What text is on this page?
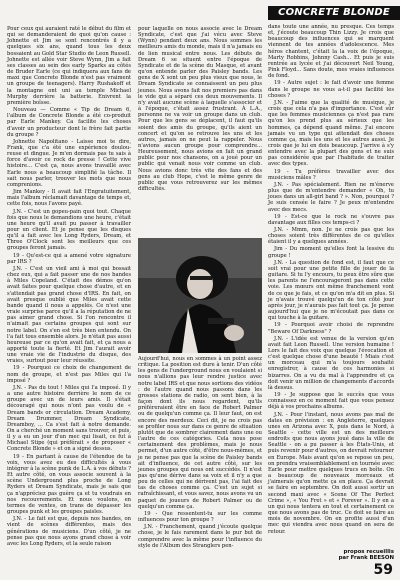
CONCRETE BLONDE

Pour ceux qui auraient raté le début du film et qui se demanderaient de quoi qu'on cause : Johnette et Jim se sont rencontrés il y a quelques six ans, quand tous les deux bossaient au Gold Star Studio de Leon Russell. Johnette est allée voir Steve Wynn, Jim a fait ses classes au sein des early Sparks au côtés de Bruder Earle (ce qui indiquera aux fans de maxi que Concrete Blonde n'est pas vraiment un groupe de teenagers). Harry Rushakoff et la montagne ont uni au temple Michael Murphy derrière la batterie. Enivrent la première boîsse.

Nouveau — Comme « Tip de Dream 6, l'album de Concrete Blonde a été co-produit par Earle Mankey. Ca facilite les choses d'avoir un producteur dont le frère fait partie du groupe ?

Johnette Napolitano - Laisse moi te dire, Frank, que c'a été une expérience doulou-reuse et dingue. Je m'en dormais pas tu sais à force d'avoir ce rock de presse ! Cette vive histoire... C'est ça, nous avons travaillé avec Earle nous a beaucoup simplifié la tâche. Il sait nous parler, trouver les mots que nous comprenions.

Jim Mankey - Il avait fait l'Engratuitement, mais l'album réclamait davantage de temps et, cette fois, nous l'avons payé.

J.N. - C'est un gopeu-pain quoi tout. Chaque fois que nous le demandions une heure, c'était une heure qu'il avait pu passer à travailler pour un client. Et je pense que les disques qu'il a fait avec les Long Ryders, Dream, et Three O'Clock sont les meilleurs que ces groupes feront jamais.

19 - Qu'est-ce qui a amené votre signature par IRS ?

J.N. - C'est un vieil ami à moi qui bossait chez eux, qui a fait passer une de nos bandes à Miles Copeland. C'était des démos qu'on avait faites pour quelque chose d'autre, et en s'attendait pas grand chose d'IRS. En fait, on avait presque oublié que Miles avait cette bande quand il nous a appelés. Ce n'est une vraie surprise parce qu'il a la réputation de ne pas aimer grand chose. Si l'on rencontre il n'aimait pas certains groupes qui sont sur notre label. On s'en est très bien entendu. On l'a fait tous ensemble alors. Je n'était pas aussi heureuse par ce qu'on avait fait, et ça nous a apporté toute la fierté. Et Jim l'aurait avoir une vraie vie de l'industrie du disque, des vraies, surtout pour leur réussite.

19 - Pourquoi ce choix de changement de nom de groupe, et n'est pas Miles qui l'a imposé ?

J.N. - Pas du tout ! Miles qui l'a imposé. Il y a une autre histoire derrière le nom de ce groupe avec un de leurs amis. Il s'était découragé qui nous n'ont pas voulu de « Dream bands or circulation. Dream Academy, Dream Drummer, Dream Syndicate, Dreamboy, ... Ca s'est fait à notre demande. On a cherché un moment sans trouver, et puis, il y a eu un jour d'un mec qui lisait, ce fut à Michael Stipe (qui préférait » de proposer « Concrete Blonde » et on a signé dessus.

19 - En partant à cause de l'étendue de ta voix, vous avez eu des difficultés à vous intégrer à la scène punk de L.A. à vos débuts ? Et autre côté, on vous associe souvent à la scène Underground plus proche de Long Ryders et Dream Syndicate, mais je sais que ça n'appréciez pas guère ça et tu voudrais en nos recouvrements. Et nous voulons, en termes de ventes, on trans de dépasser les groupes punk et les groupes paisles.

J.N. - Le fait est que, depuis nos bandes, on vient de scènes différentes, mais des générations de musiciens. D'un côté, je ne pense pas que nous ayons grand chose à voir avec les Long Ryders, et la seule raison

pour laquelle on nous associe avec le Dream Syndicate, c'est que j'ai vécu avec Steve (Wynn) pendant deux ans. Nous sommes les meilleurs amis du monde, mais il n'a jamais eu de lien musical entre nous. Les débuts de Dream 6 se situent entre l'époque de Syndicate et de la scène du Masque, et avant qu'on entende parler des Paisley bands. Les gens de X sont un peu plus vieux que nous, le Dream Syndicate se connaissent un peu plus jeunes. Nous avons fait nos premiers pas dans le vide qui a séparé ces deux mouvements. Il n'y avait aucune scène à laquelle s'associer et à l'époque, c'était assez frustrant. À L.A., personne ne va voir un groupe dans un club. Pour que les gens se déplacent, il faut qu'ils soient des amis du groupe, qu'ils aient un concert et qu'on se retrouve les uns et les autres, jamais on ne peut la rappeler. Nous n'avions aucun groupe pour comprendre... Heureusement, nous avions en fait un grand public pour nos chansons, on a joué pour un public qui venait nous voir comme un club. Nous avions donc très vite des fans et des gens au club Hope, c'est le même genre de public que vous retrouverez sur les mêmes difficultés.

Aujourd'hui, nous en sommes à un point assez critique. La position est dure à tenir. D'un côté les gens de l'underground nous en voulaient si nous n'allions pas leur rendre justice avec notre label IRS et que nous sortions des vidéos : de l'autre quand nous passons dans les grosses stations de radio, on sent bien, à la façon dont ils nous regardent, qu'ils préféreraient être en face de Robert Palmer ou de quelqu'un comme ça. Il leur faut, on est encore des merdeux. Ceci dit, je ne crois pas se profiler nous sur dans ce genre de situation plutôt que de sombrer clairement dans une ou l'autre de ces catégories. Cela nous pose certainement des problèmes, mais je nous permet, d'un autre côté, d'être nous-mêmes, et je ne pense pas que la scène de Paisley bands ait d'influence, de cet autre côté, sur les jeunes groupes qui nous ont succédés. Il n'est pas qu'une dérive dans sa voix et il n'y a que peu de celles qui ne dérivent pas, l'ai fait des tas de choses comme ça. C'est un sujet si rafraîchissant, et vous savez, nous avons vu un paquet de joueurs de Robert Palmer ou de quelqu'un comme ça.

19 - Que ressentent-tu sur les comme influences pour ton groupe ?

J.N. - Franchement, quand j'écoute quelque chose, je le fais rarement dans le pur but de comprendre avec la même pour l'influence du style de l'Album des Stranglers pen-

dans toute une année, nu presque. Ces temps et, j'écoute beaucoup Thin Lizzy. Je crois que beaucoup des influences qui se marquent viennent de tes années d'adolescence. Mes héros chantent, c'était la la voix de l'époque, Marty Robbins, Johnny Cash... Et puis je suis rentrée au lycée et j'ai découvert Neil Young, Pink Floyd... Sans doute, mes vraies influences de fond.

19 - Autre sujet : le fait d'avoir une femme dans le groupe ne vous a-t-il pas facilité les choses ?

J.N. - J'aime que la qualité de musique, je crois que cela n'a pas d'importance. C'est sûr que les femmes musiciennes ça n'est pas rare qu'on les prend plus au sérieux que les hommes, ça dépend quand même. J'ai encore jamais vu un type qui attendait des choses comme ça, mais les uns et les autres aussi. Je crois que je lui en dois beaucoup. J'arrive à s'y entendre avec la plupart des gens et ne suis pas considérée que par l'habitude de traiter avec des types.

19 - Tu préfères travailler avec des musiciens mâles ?

J.N. - Pas spécialement. Rien ne m'énerve plus que de m'entendre demander « Oh, tu joues dans un all-girl band ? ». Non, pourquoi ? Je suis censée le faire ? Je peux m'entendre avec des mecs.

19 - Est-ce que le rock ne s'ouvre pas davantage aux filles ces temps-ci ?

J.N. - Mmm, non. Je ne crois pas que les choses soient très différentes de ce qu'elles étaient il y a quelques années.

Jim - Du moment qu'elles font la lessive du groupe !

J.N. - La question de fond est, il faut que ce soit vrai pour une petite fille de jouer de la guitare. Si tu l'y encours, tu peux être sûre que les parents ne l'encourageront pas dans cette voie. Les mœurs ont même franchement vont de ce que je fais, et ce qu'on m'a dit en plus. Si je n'avais trouvé quelqu'un de ton côté jour après jour, je n'aurais pas fait tout ça. Je pense aujourd'hui que je ne m'écoutait pas dans ce qui touche à la guitare.

19 - Pourquoi avoir choisi de reprendre "Beware Of Darkness" ?

J.N. - L'idée est venue de la version qu'en avait fait Leon Russell. Une version humaine ! Lors le fait des voix que quelque l'évocation et c'est quelque chose d'une beauté ! Miais c'est un morceau qui m'a toujours souhaité enregistrer, à cause de ces harmonies si bizarres. On a vu du mal à l'apprendre et ça doit venir un million de changements d'accords là dessus.

19 - Je suppose que le succès que vous connaissez en ce moment fait que vous pensez déjà à vos prochains albums.

J.N. - Pour l'instant, nous avons pas mal de dates en prévision : en Angleterre, quelques unes en Arizona avec X, puis dans le Nord, à Seattle - cette ville est un des meilleurs endroits que nous ayons joué dans la ville de Seattle - on a pu passer à les États-Unis, et puis revenir pour d'autres, on devrait retourner en Europe. Mais avant qu'on se repose un peu, on prendra vraisemblablement en tournée avec Earle pour mettre quelques trucs en boîte. On a beaucoup de nouveaux morceaux et j'aimerais qu'on mette ça en place. Ça devrait se faire en septembre. On doit aussi sortir un second maxi avec « Scene Of The Perfect Crime », « You Fret » et « Forever ». Il y en a un qui nous tentera en tout et certainement ce que nous avons pas de truc. Ce doit se faire au mois de novembre. On en profite aussi d'un mec qui viendra avec nous quand on sera de retour.

propos recueillis
par Frank BEESON
59
